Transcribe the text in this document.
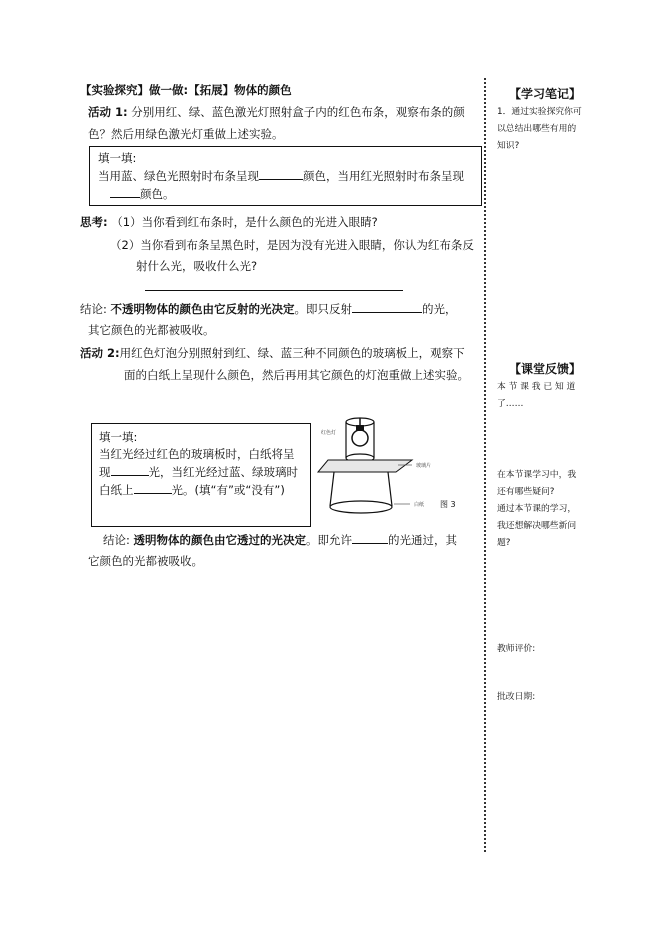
【实验探究】做一做:【拓展】物体的颜色
活动 1: 分别用红、绿、蓝色激光灯照射盒子内的红色布条，观察布条的颜
色？然后用绿色激光灯重做上述实验。
填一填:
当用蓝、绿色光照射时布条呈现	颜色，当用红光照射时布条呈现
颜色。
思考: （1）当你看到红布条时，是什么颜色的光进入眼睛?
（2）当你看到布条呈黑色时，是因为没有光进入眼睛，你认为红布条反
射什么光，吸收什么光?
结论: 不透明物体的颜色由它反射的光决定。即只反射	的光，
其它颜色的光都被吸收。
活动 2:用红色灯泡分别照射到红、绿、蓝三种不同颜色的玻璃板上，观察下
面的白纸上呈现什么颜色，然后再用其它颜色的灯泡重做上述实验。
填一填:
当红光经过红色的玻璃板时，白纸将呈
现	光，当红光经过蓝、绿玻璃时
白纸上	光。(填“有”或“没有”)
红色灯
玻璃片
白纸 图 3
结论: 透明物体的颜色由它透过的光决定。即允许	的光通过，其
它颜色的光都被吸收。
【学习笔记】
1．通过实验探究你可
以总结出哪些有用的
知识?
【课堂反馈】
本 节 课 我 已 知 道
了……
在本节课学习中，我
还有哪些疑问?
通过本节课的学习，
我还想解决哪些新问
题?
教师评价:
批改日期:
